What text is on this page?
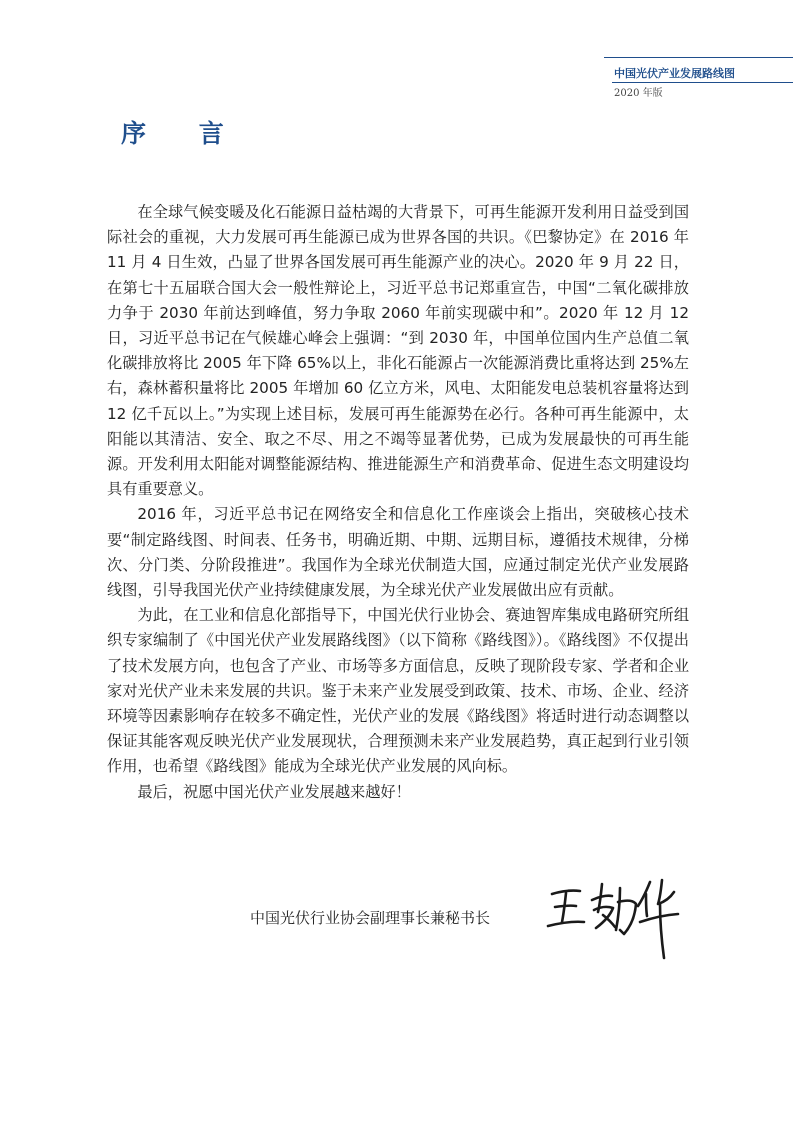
中国光伏产业发展路线图
2020 年版
序 言

在全球气候变暖及化石能源日益枯竭的大背景下，可再生能源开发利用日益受到国际社会的重视，大力发展可再生能源已成为世界各国的共识。《巴黎协定》在 2016 年 11 月 4 日生效，凸显了世界各国发展可再生能源产业的决心。2020 年 9 月 22 日，在第七十五届联合国大会一般性辩论上，习近平总书记郑重宣告，中国“二氧化碳排放力争于 2030 年前达到峰值，努力争取 2060 年前实现碳中和”。2020 年 12 月 12 日，习近平总书记在气候雄心峰会上强调：“到 2030 年，中国单位国内生产总值二氧化碳排放将比 2005 年下降 65%以上，非化石能源占一次能源消费比重将达到 25%左右，森林蓄积量将比 2005 年增加 60 亿立方米，风电、太阳能发电总装机容量将达到 12 亿千瓦以上。”为实现上述目标，发展可再生能源势在必行。各种可再生能源中，太阳能以其清洁、安全、取之不尽、用之不竭等显著优势，已成为发展最快的可再生能源。开发利用太阳能对调整能源结构、推进能源生产和消费革命、促进生态文明建设均具有重要意义。

2016 年，习近平总书记在网络安全和信息化工作座谈会上指出，突破核心技术要“制定路线图、时间表、任务书，明确近期、中期、远期目标，遵循技术规律，分梯次、分门类、分阶段推进”。我国作为全球光伏制造大国，应通过制定光伏产业发展路线图，引导我国光伏产业持续健康发展，为全球光伏产业发展做出应有贡献。

为此，在工业和信息化部指导下，中国光伏行业协会、赛迪智库集成电路研究所组织专家编制了《中国光伏产业发展路线图》（以下简称《路线图》）。《路线图》不仅提出了技术发展方向，也包含了产业、市场等多方面信息，反映了现阶段专家、学者和企业家对光伏产业未来发展的共识。鉴于未来产业发展受到政策、技术、市场、企业、经济环境等因素影响存在较多不确定性，光伏产业的发展《路线图》将适时进行动态调整以保证其能客观反映光伏产业发展现状，合理预测未来产业发展趋势，真正起到行业引领作用，也希望《路线图》能成为全球光伏产业发展的风向标。

最后，祝愿中国光伏产业发展越来越好！

中国光伏行业协会副理事长兼秘书长
